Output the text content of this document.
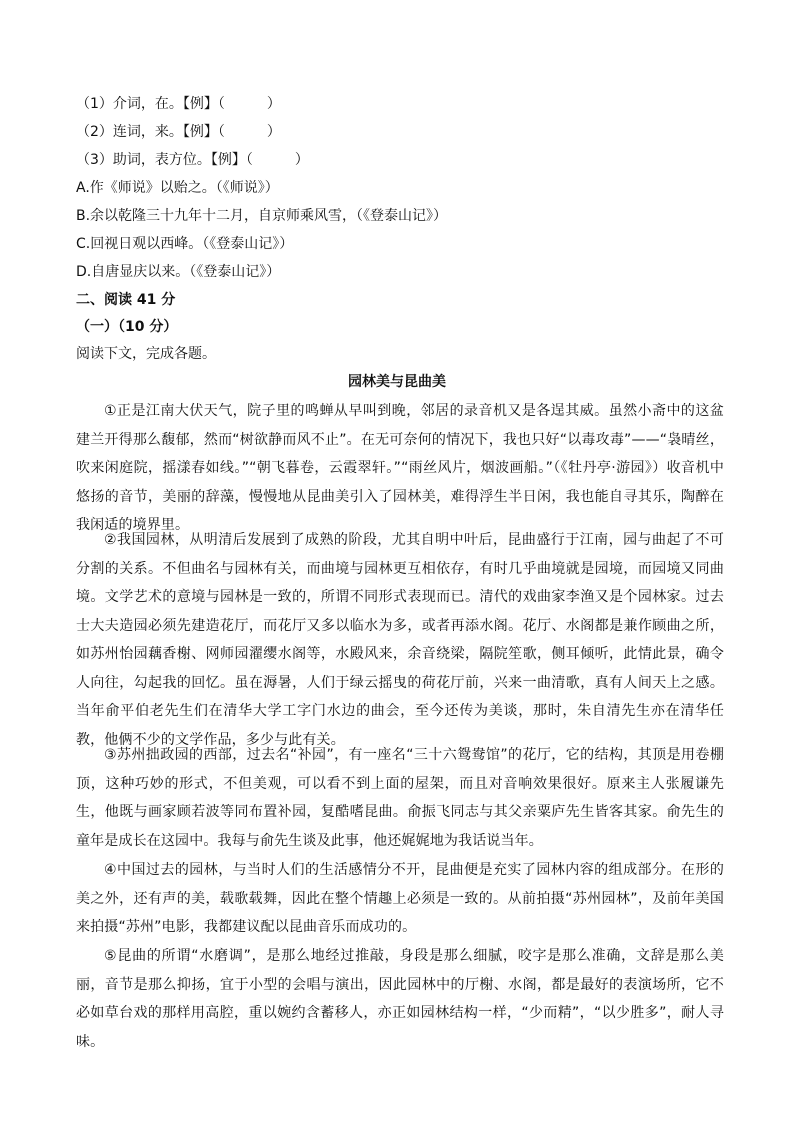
（1）介词，在。【例】（　　　）
（2）连词，来。【例】（　　　）
（3）助词，表方位。【例】（　　　）
A.作《师说》以贻之。（《师说》）
B.余以乾隆三十九年十二月，自京师乘风雪，（《登泰山记》）
C.回视日观以西峰。（《登泰山记》）
D.自唐显庆以来。（《登泰山记》）
二、阅读 41 分
（一）（10 分）
阅读下文，完成各题。
园林美与昆曲美
①正是江南大伏天气，院子里的鸣蝉从早叫到晚，邻居的录音机又是各逞其威。虽然小斋中的这盆建兰开得那么馥郁，然而“树欲静而风不止”。在无可奈何的情况下，我也只好“以毒攻毒”——“袅晴丝，吹来闲庭院，摇漾春如线。”“朝飞暮卷，云霞翠轩。”“雨丝风片，烟波画船。”（《牡丹亭·游园》）收音机中悠扬的音节，美丽的辞藻，慢慢地从昆曲美引入了园林美，难得浮生半日闲，我也能自寻其乐，陶醉在我闲适的境界里。
②我国园林，从明清后发展到了成熟的阶段，尤其自明中叶后，昆曲盛行于江南，园与曲起了不可分割的关系。不但曲名与园林有关，而曲境与园林更互相依存，有时几乎曲境就是园境，而园境又同曲境。文学艺术的意境与园林是一致的，所谓不同形式表现而已。清代的戏曲家李渔又是个园林家。过去士大夫造园必须先建造花厅，而花厅又多以临水为多，或者再添水阁。花厅、水阁都是兼作顾曲之所，如苏州怡园藕香榭、网师园濯缨水阁等，水殿风来，余音绕梁，隔院笙歌，侧耳倾听，此情此景，确令人向往，勾起我的回忆。虽在溽暑，人们于绿云摇曳的荷花厅前，兴来一曲清歌，真有人间天上之感。当年俞平伯老先生们在清华大学工字门水边的曲会，至今还传为美谈，那时，朱自清先生亦在清华任教，他俩不少的文学作品，多少与此有关。
③苏州拙政园的西部，过去名“补园”，有一座名“三十六鸳鸯馆”的花厅，它的结构，其顶是用卷棚顶，这种巧妙的形式，不但美观，可以看不到上面的屋架，而且对音响效果很好。原来主人张履谦先生，他既与画家顾若波等同布置补园，复酷嗜昆曲。俞振飞同志与其父亲粟庐先生皆客其家。俞先生的童年是成长在这园中。我每与俞先生谈及此事，他还娓娓地为我话说当年。
④中国过去的园林，与当时人们的生活感情分不开，昆曲便是充实了园林内容的组成部分。在形的美之外，还有声的美，载歌载舞，因此在整个情趣上必须是一致的。从前拍摄“苏州园林”，及前年美国来拍摄“苏州”电影，我都建议配以昆曲音乐而成功的。
⑤昆曲的所谓“水磨调”，是那么地经过推敲，身段是那么细腻，咬字是那么准确，文辞是那么美丽，音节是那么抑扬，宜于小型的会唱与演出，因此园林中的厅榭、水阁，都是最好的表演场所，它不必如草台戏的那样用高腔，重以婉约含蓄移人，亦正如园林结构一样，“少而精”，“以少胜多”，耐人寻味。
